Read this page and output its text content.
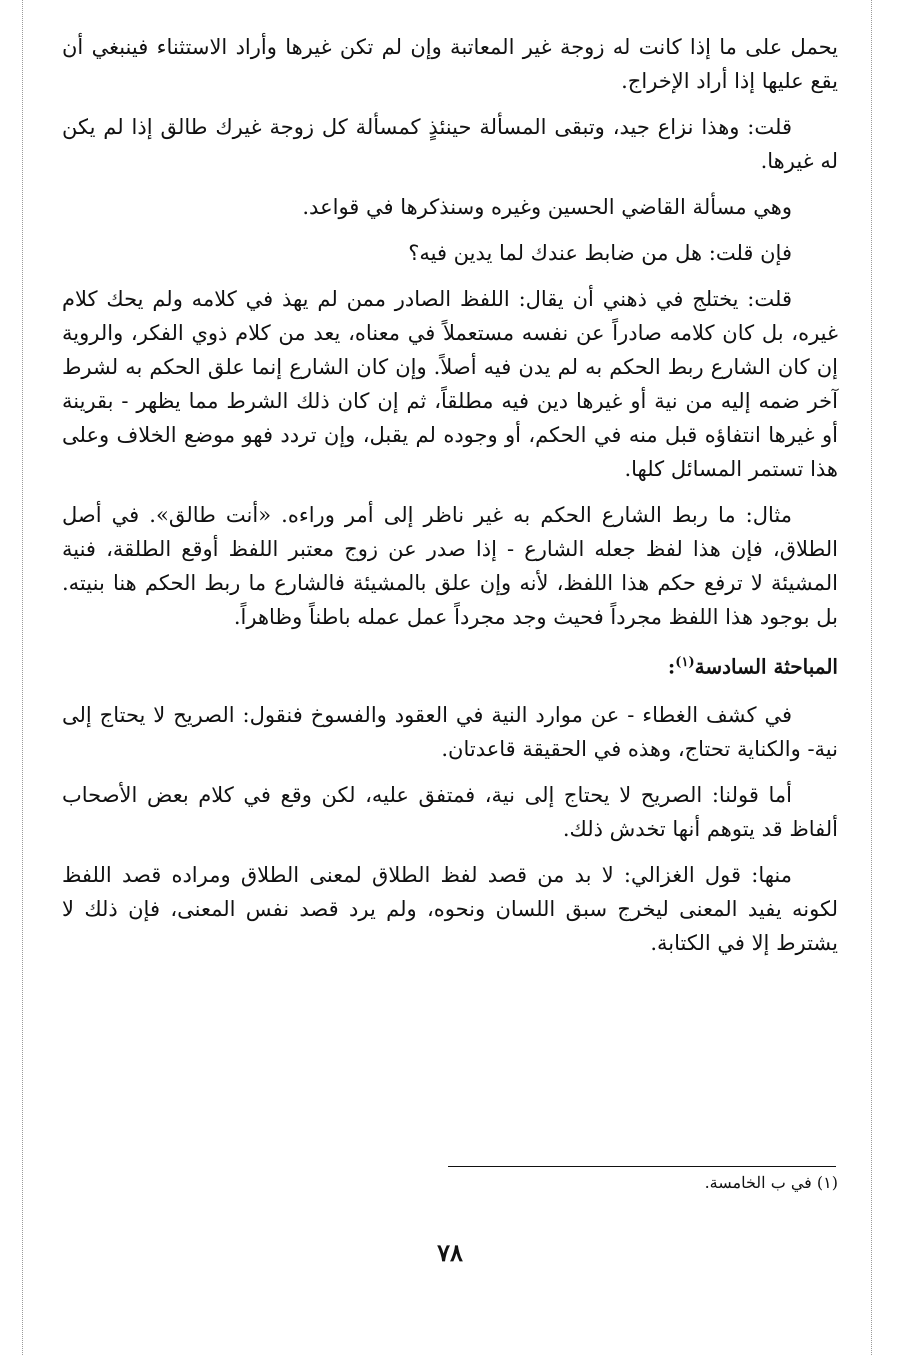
يحمل على ما إذا كانت له زوجة غير المعاتبة وإن لم تكن غيرها وأراد الاستثناء فينبغي أن يقع عليها إذا أراد الإخراج.

قلت: وهذا نزاع جيد، وتبقى المسألة حينئذٍ كمسألة كل زوجة غيرك طالق إذا لم يكن له غيرها.

وهي مسألة القاضي الحسين وغيره وسنذكرها في قواعد.

فإن قلت: هل من ضابط عندك لما يدين فيه؟

قلت: يختلج في ذهني أن يقال: اللفظ الصادر ممن لم يهذ في كلامه ولم يحك كلام غيره، بل كان كلامه صادراً عن نفسه مستعملاً في معناه، يعد من كلام ذوي الفكر، والروية إن كان الشارع ربط الحكم به لم يدن فيه أصلاً. وإن كان الشارع إنما علق الحكم به لشرط آخر ضمه إليه من نية أو غيرها دين فيه مطلقاً، ثم إن كان ذلك الشرط مما يظهر - بقرينة أو غيرها انتفاؤه قبل منه في الحكم، أو وجوده لم يقبل، وإن تردد فهو موضع الخلاف وعلى هذا تستمر المسائل كلها.

مثال: ما ربط الشارع الحكم به غير ناظر إلى أمر وراءه. «أنت طالق». في أصل الطلاق، فإن هذا لفظ جعله الشارع - إذا صدر عن زوج معتبر اللفظ أوقع الطلقة، فنية المشيئة لا ترفع حكم هذا اللفظ، لأنه وإن علق بالمشيئة فالشارع ما ربط الحكم هنا بنيته. بل بوجود هذا اللفظ مجرداً فحيث وجد مجرداً عمل عمله باطناً وظاهراً.

المباحثة السادسة$^{(١)}$:

في كشف الغطاء - عن موارد النية في العقود والفسوخ فنقول: الصريح لا يحتاج إلى نية- والكناية تحتاج، وهذه في الحقيقة قاعدتان.

أما قولنا: الصريح لا يحتاج إلى نية، فمتفق عليه، لكن وقع في كلام بعض الأصحاب ألفاظ قد يتوهم أنها تخدش ذلك.

منها: قول الغزالي: لا بد من قصد لفظ الطلاق لمعنى الطلاق ومراده قصد اللفظ لكونه يفيد المعنى ليخرج سبق اللسان ونحوه، ولم يرد قصد نفس المعنى، فإن ذلك لا يشترط إلا في الكتابة.

(١) في ب الخامسة.
٧٨
